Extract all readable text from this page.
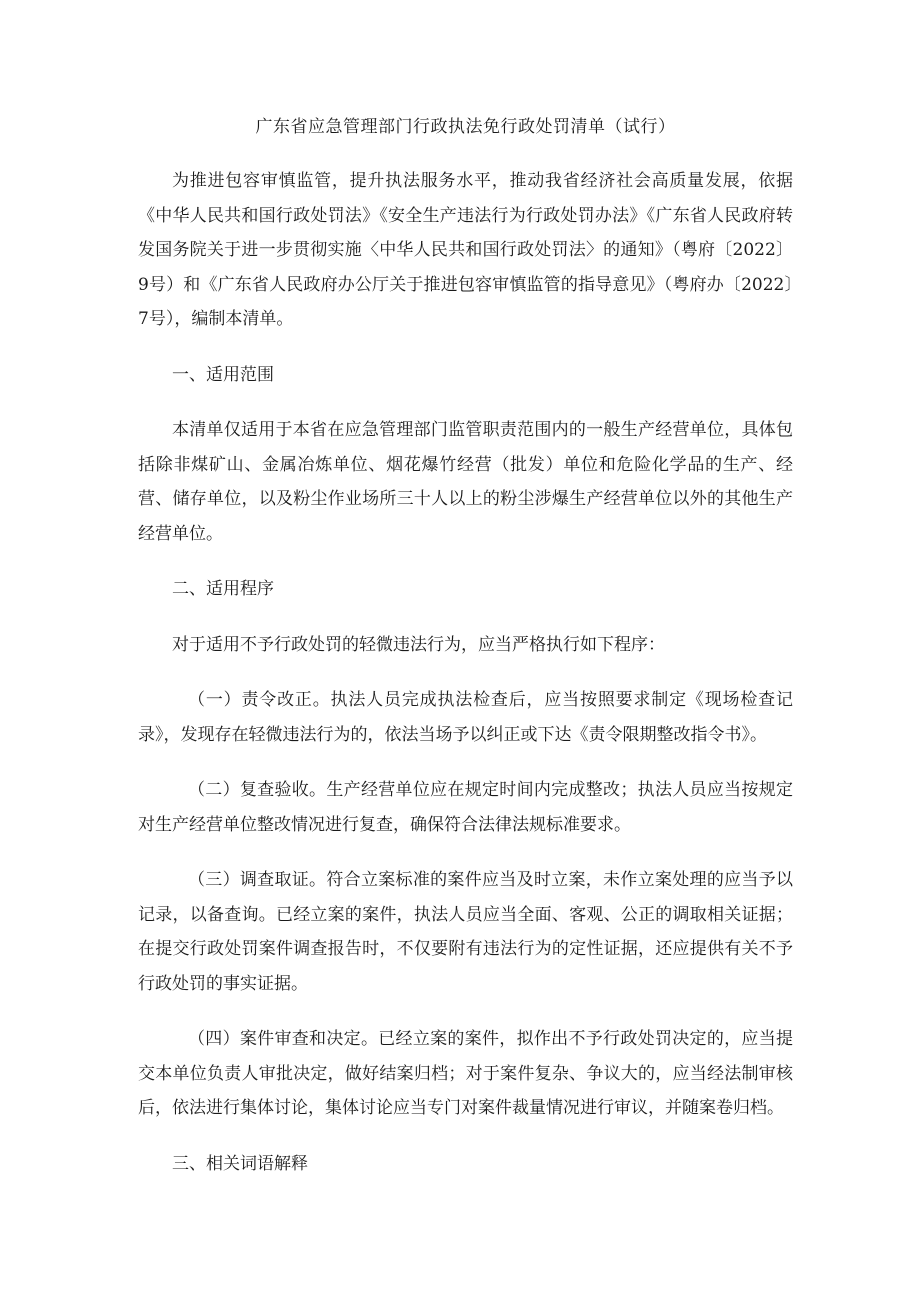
广东省应急管理部门行政执法免行政处罚清单（试行）

为推进包容审慎监管，提升执法服务水平，推动我省经济社会高质量发展，依据《中华人民共和国行政处罚法》《安全生产违法行为行政处罚办法》《广东省人民政府转发国务院关于进一步贯彻实施〈中华人民共和国行政处罚法〉的通知》（粤府〔2022〕9号）和《广东省人民政府办公厅关于推进包容审慎监管的指导意见》（粤府办〔2022〕7号），编制本清单。

一、适用范围

本清单仅适用于本省在应急管理部门监管职责范围内的一般生产经营单位，具体包括除非煤矿山、金属冶炼单位、烟花爆竹经营（批发）单位和危险化学品的生产、经营、储存单位，以及粉尘作业场所三十人以上的粉尘涉爆生产经营单位以外的其他生产经营单位。

二、适用程序

对于适用不予行政处罚的轻微违法行为，应当严格执行如下程序：

（一）责令改正。执法人员完成执法检查后，应当按照要求制定《现场检查记录》，发现存在轻微违法行为的，依法当场予以纠正或下达《责令限期整改指令书》。

（二）复查验收。生产经营单位应在规定时间内完成整改；执法人员应当按规定对生产经营单位整改情况进行复查，确保符合法律法规标准要求。

（三）调查取证。符合立案标准的案件应当及时立案，未作立案处理的应当予以记录，以备查询。已经立案的案件，执法人员应当全面、客观、公正的调取相关证据；在提交行政处罚案件调查报告时，不仅要附有违法行为的定性证据，还应提供有关不予行政处罚的事实证据。

（四）案件审查和决定。已经立案的案件，拟作出不予行政处罚决定的，应当提交本单位负责人审批决定，做好结案归档；对于案件复杂、争议大的，应当经法制审核后，依法进行集体讨论，集体讨论应当专门对案件裁量情况进行审议，并随案卷归档。

三、相关词语解释
